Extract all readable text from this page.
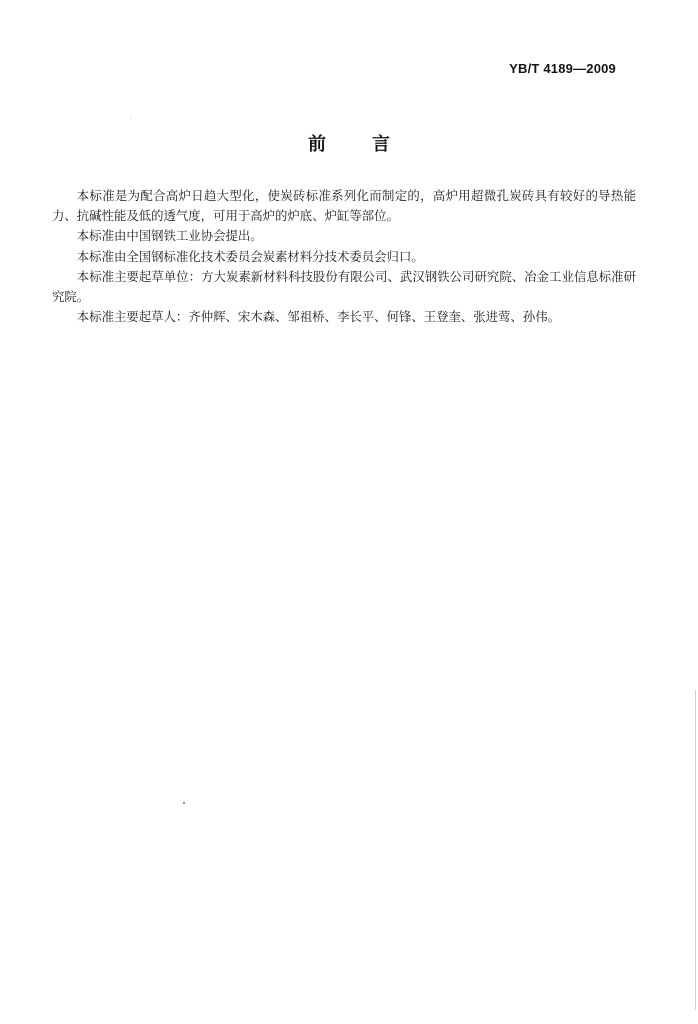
YB/T 4189—2009
前	言

本标准是为配合高炉日趋大型化，使炭砖标准系列化而制定的，高炉用超微孔炭砖具有较好的导热能力、抗碱性能及低的透气度，可用于高炉的炉底、炉缸等部位。

本标准由中国钢铁工业协会提出。

本标准由全国钢标准化技术委员会炭素材料分技术委员会归口。

本标准主要起草单位：方大炭素新材料科技股份有限公司、武汉钢铁公司研究院、冶金工业信息标准研究院。

本标准主要起草人：齐仲辉、宋木森、邹祖桥、李长平、何锋、王登奎、张进莺、孙伟。
